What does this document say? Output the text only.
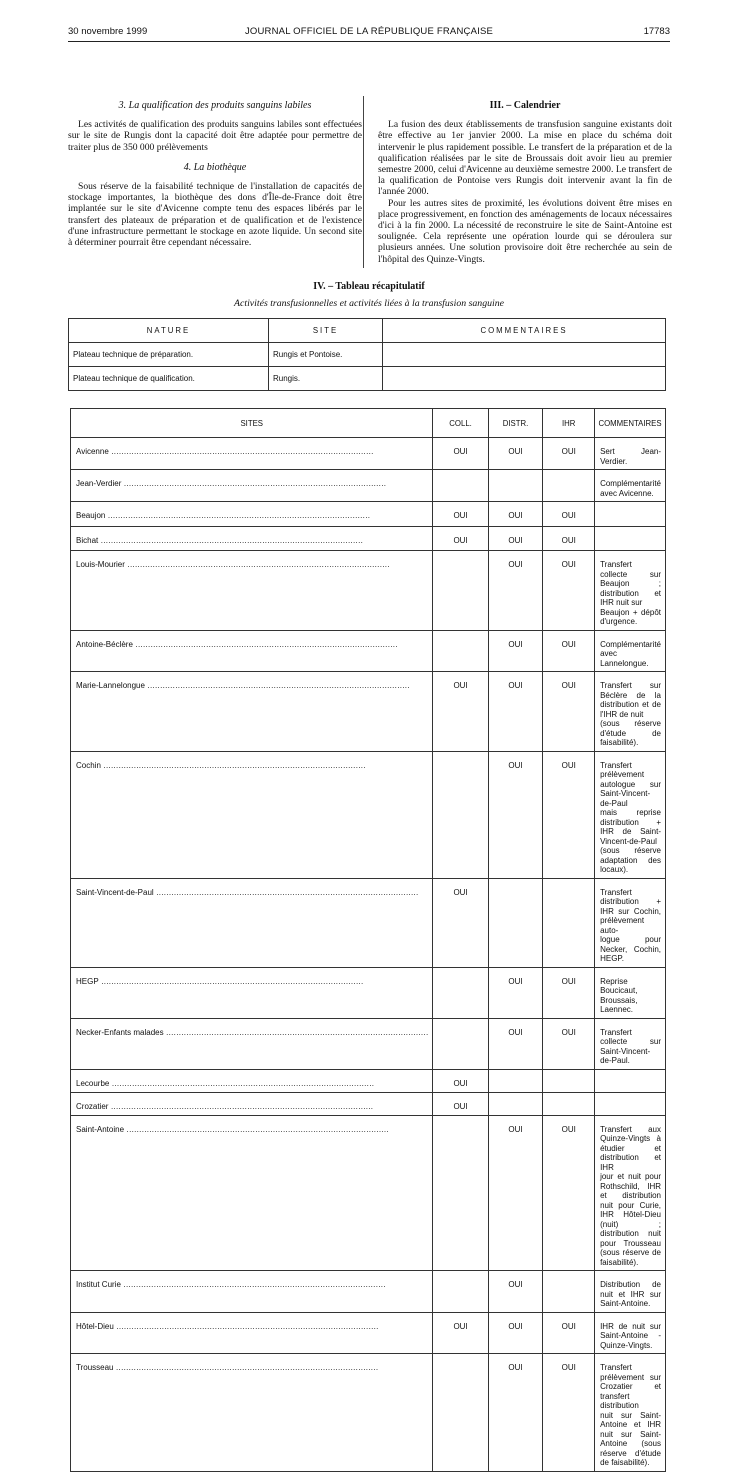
30 novembre 1999	JOURNAL OFFICIEL DE LA RÉPUBLIQUE FRANÇAISE	17783
3. La qualification des produits sanguins labiles

Les activités de qualification des produits sanguins labiles sont effectuées sur le site de Rungis dont la capacité doit être adaptée pour permettre de traiter plus de 350 000 prélèvements

4. La biothèque

Sous réserve de la faisabilité technique de l'installation de capacités de stockage importantes, la biothèque des dons d'Île-de-France doit être implantée sur le site d'Avicenne compte tenu des espaces libérés par le transfert des plateaux de préparation et de qualification et de l'existence d'une infrastructure permettant le stockage en azote liquide. Un second site à déterminer pourrait être cependant nécessaire.

III. – Calendrier

La fusion des deux établissements de transfusion sanguine existants doit être effective au 1er janvier 2000. La mise en place du schéma doit intervenir le plus rapidement possible. Le transfert de la préparation et de la qualification réalisées par le site de Broussais doit avoir lieu au premier semestre 2000, celui d'Avicenne au deuxième semestre 2000. Le transfert de la qualification de Pontoise vers Rungis doit intervenir avant la fin de l'année 2000.

Pour les autres sites de proximité, les évolutions doivent être mises en place progressivement, en fonction des aménagements de locaux nécessaires d'ici à la fin 2000. La nécessité de reconstruire le site de Saint-Antoine est soulignée. Cela représente une opération lourde qui se déroulera sur plusieurs années. Une solution provisoire doit être recherchée au sein de l'hôpital des Quinze-Vingts.

IV. – Tableau récapitulatif
Activités transfusionnelles et activités liées à la transfusion sanguine
NATURE	SITE	COMMENTAIRES
Plateau technique de préparation.	Rungis et Pontoise.	
Plateau technique de qualification.	Rungis.	
SITES	COLL.	DISTR.	IHR	COMMENTAIRES

Avicenne .....	OUI	OUI	OUI	Sert Jean-Verdier.

Jean-Verdier .....				Complémentarité avec Avicenne.

Beaujon .....	OUI	OUI	OUI	

Bichat .....	OUI	OUI	OUI	

Louis-Mourier .....		OUI	OUI	Transfert collecte sur Beaujon ; distribution et IHR nuit sur
Beaujon + dépôt d'urgence.

Antoine-Béclère .....		OUI	OUI	Complémentarité avec Lannelongue.

Marie-Lannelongue .....	OUI	OUI	OUI	Transfert sur Béclère de la distribution et de l'IHR de nuit
(sous réserve d'étude de faisabilité).

Cochin .....		OUI	OUI	Transfert prélèvement autologue sur Saint-Vincent-de-Paul
mais reprise distribution + IHR de Saint-Vincent-de-Paul (sous réserve adaptation des locaux).

Saint-Vincent-de-Paul .....	OUI			Transfert distribution + IHR sur Cochin, prélèvement auto-
logue pour Necker, Cochin, HEGP.

HEGP .....		OUI	OUI	Reprise Boucicaut, Broussais, Laennec.

Necker-Enfants malades .....		OUI	OUI	Transfert collecte sur Saint-Vincent-de-Paul.

Lecourbe .....	OUI			

Crozatier .....	OUI			

Saint-Antoine .....		OUI	OUI	Transfert aux Quinze-Vingts à étudier et distribution et IHR
jour et nuit pour Rothschild, IHR et distribution nuit pour Curie, IHR Hôtel-Dieu (nuit) ; distribution nuit pour Trousseau (sous réserve de faisabilité).

Institut Curie .....		OUI		Distribution de nuit et IHR sur Saint-Antoine.

Hôtel-Dieu .....	OUI	OUI	OUI	IHR de nuit sur Saint-Antoine - Quinze-Vingts.

Trousseau .....		OUI	OUI	Transfert prélèvement sur Crozatier et transfert distribution
nuit sur Saint-Antoine et IHR nuit sur Saint-Antoine (sous réserve d'étude de faisabilité).
